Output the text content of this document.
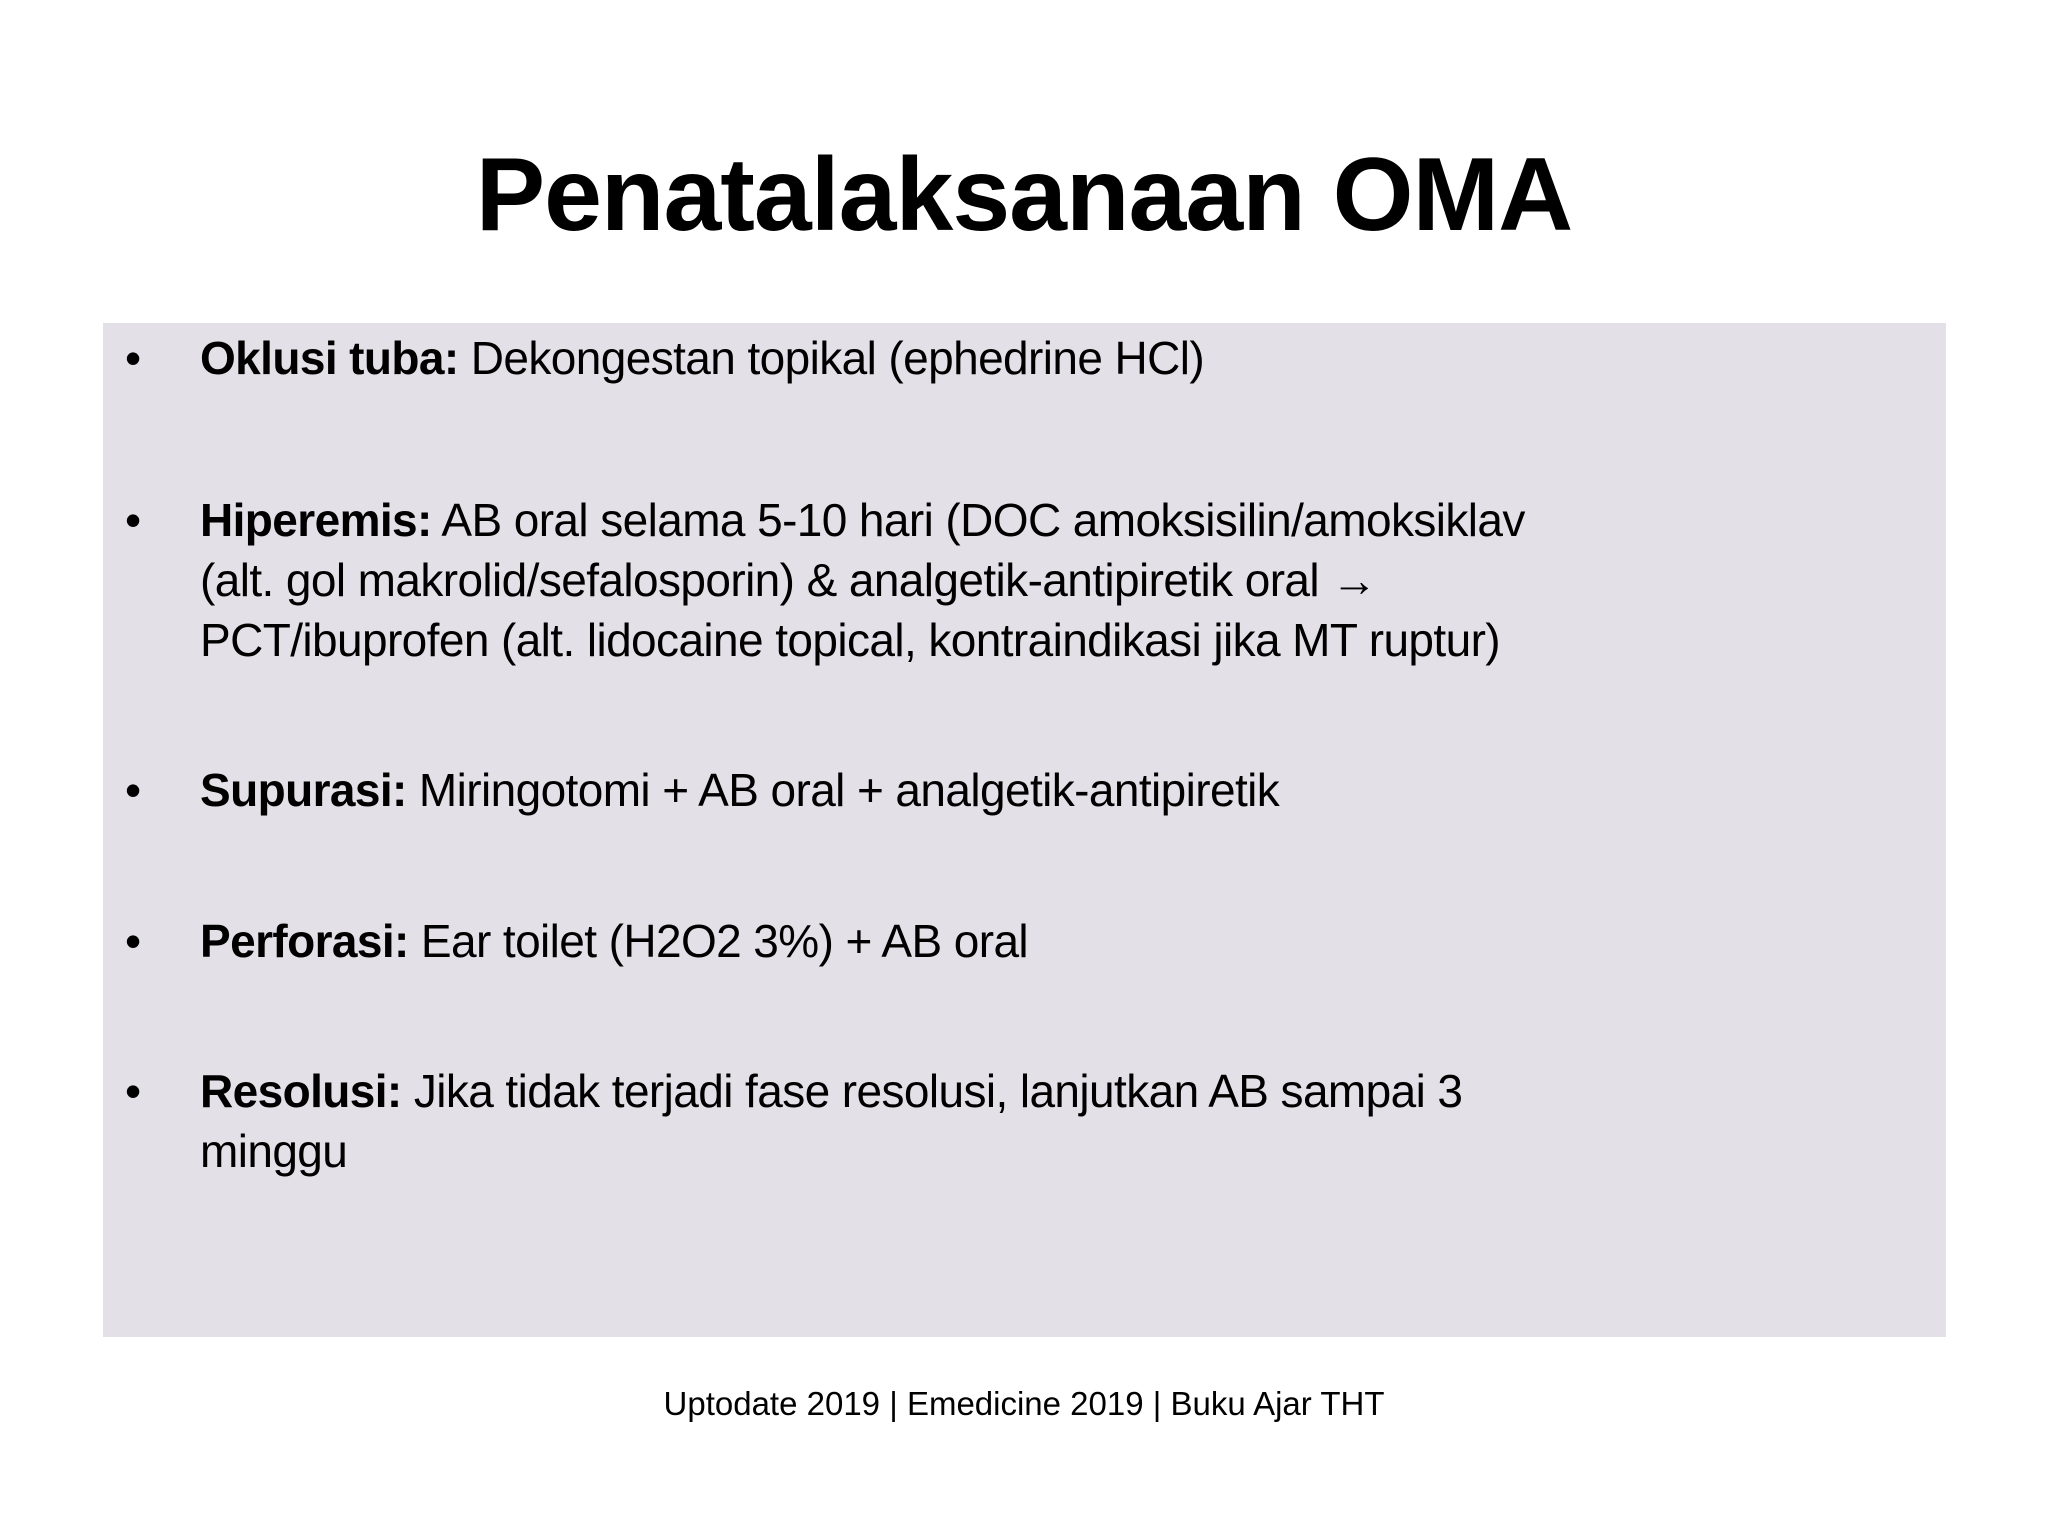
Penatalaksanaan OMA
• Oklusi tuba: Dekongestan topikal (ephedrine HCl)
• Hiperemis: AB oral selama 5-10 hari (DOC amoksisilin/amoksiklav
(alt. gol makrolid/sefalosporin) & analgetik-antipiretik oral →
PCT/ibuprofen (alt. lidocaine topical, kontraindikasi jika MT ruptur)
• Supurasi: Miringotomi + AB oral + analgetik-antipiretik
• Perforasi: Ear toilet (H2O2 3%) + AB oral
• Resolusi: Jika tidak terjadi fase resolusi, lanjutkan AB sampai 3
minggu
Uptodate 2019 | Emedicine 2019 | Buku Ajar THT
